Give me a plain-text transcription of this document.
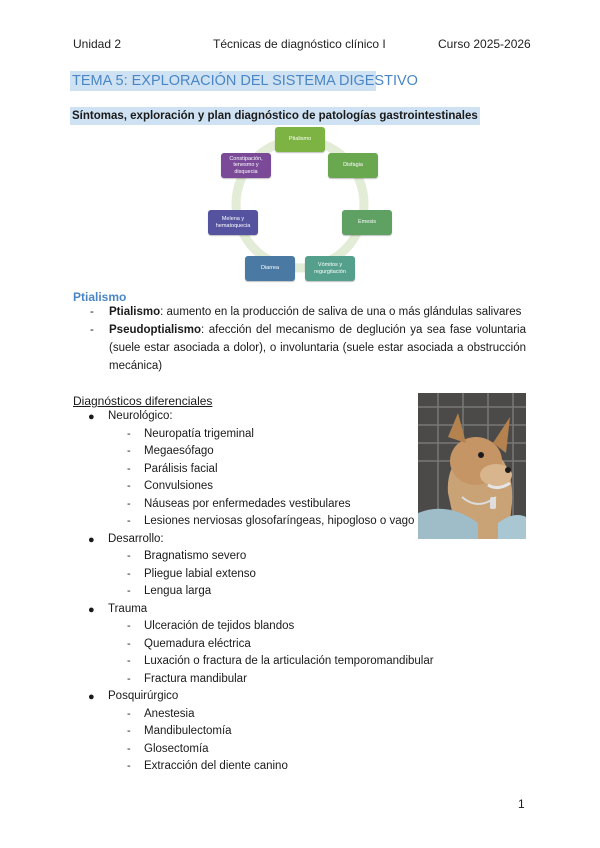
Unidad 2	Técnicas de diagnóstico clínico I	Curso 2025-2026
TEMA 5: EXPLORACIÓN DEL SISTEMA DIGESTIVO
Síntomas, exploración y plan diagnóstico de patologías gastrointestinales
Ptialismo
Disfagia
Emesis
Vómitos y regurgitación
Diarrea
Melena y hematoquecia
Constipación, tenesmo y disquecia
Ptialismo
- Ptialismo: aumento en la producción de saliva de una o más glándulas salivares
- Pseudoptialismo: afección del mecanismo de deglución ya sea fase voluntaria (suele estar asociada a dolor), o involuntaria (suele estar asociada a obstrucción mecánica)
Diagnósticos diferenciales
● Neurológico:
- Neuropatía trigeminal
- Megaesófago
- Parálisis facial
- Convulsiones
- Náuseas por enfermedades vestibulares
- Lesiones nerviosas glosofaríngeas, hipogloso o vago
● Desarrollo:
- Bragnatismo severo
- Pliegue labial extenso
- Lengua larga
● Trauma
- Ulceración de tejidos blandos
- Quemadura eléctrica
- Luxación o fractura de la articulación temporomandibular
- Fractura mandibular
● Posquirúrgico
- Anestesia
- Mandibulectomía
- Glosectomía
- Extracción del diente canino
1
